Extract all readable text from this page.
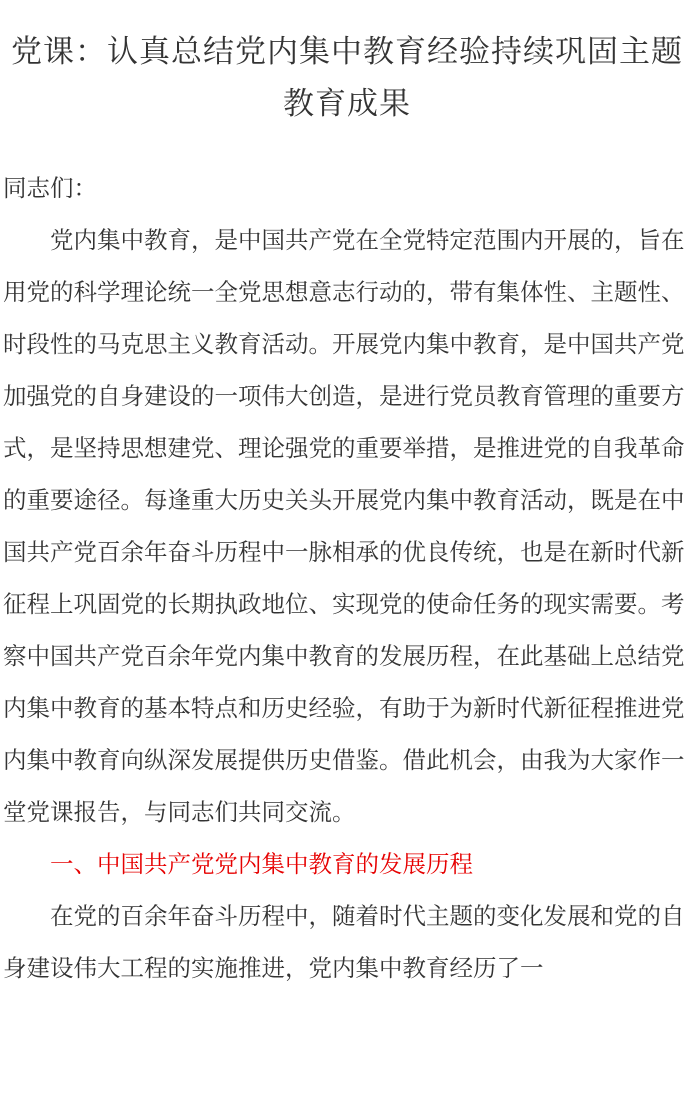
党课：认真总结党内集中教育经验持续巩固主题教育成果

同志们：

党内集中教育，是中国共产党在全党特定范围内开展的，旨在用党的科学理论统一全党思想意志行动的，带有集体性、主题性、时段性的马克思主义教育活动。开展党内集中教育，是中国共产党加强党的自身建设的一项伟大创造，是进行党员教育管理的重要方式，是坚持思想建党、理论强党的重要举措，是推进党的自我革命的重要途径。每逢重大历史关头开展党内集中教育活动，既是在中国共产党百余年奋斗历程中一脉相承的优良传统，也是在新时代新征程上巩固党的长期执政地位、实现党的使命任务的现实需要。考察中国共产党百余年党内集中教育的发展历程，在此基础上总结党内集中教育的基本特点和历史经验，有助于为新时代新征程推进党内集中教育向纵深发展提供历史借鉴。借此机会，由我为大家作一堂党课报告，与同志们共同交流。

一、中国共产党党内集中教育的发展历程

在党的百余年奋斗历程中，随着时代主题的变化发展和党的自身建设伟大工程的实施推进，党内集中教育经历了一
